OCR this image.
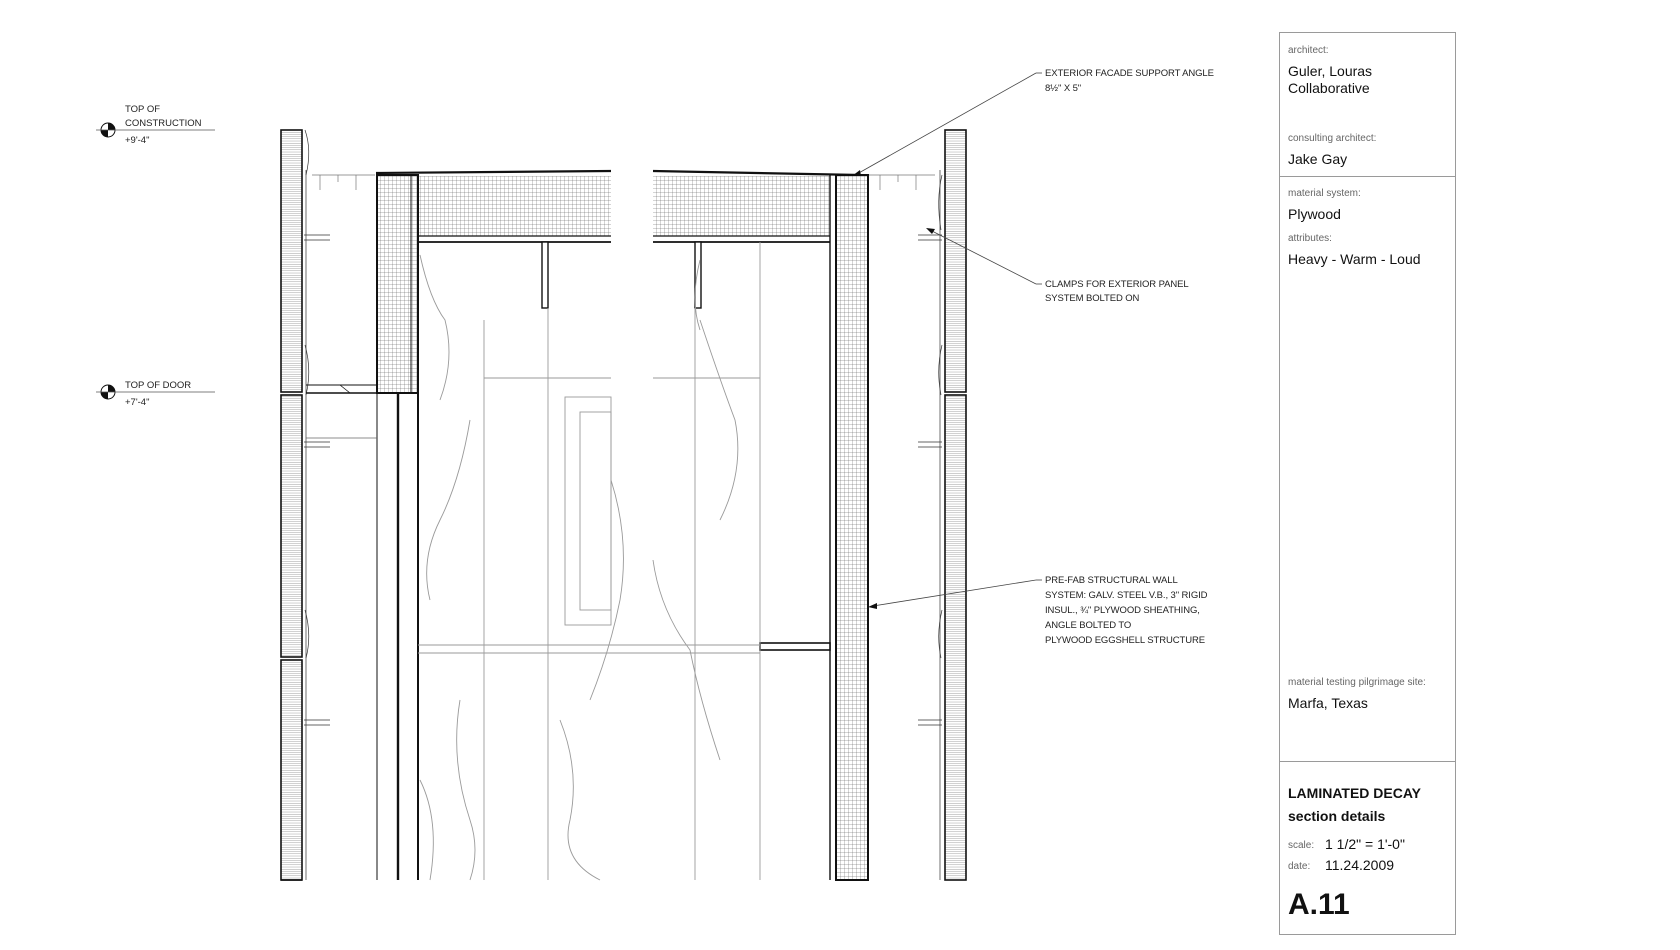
TOP OF
CONSTRUCTION
+9'-4"
TOP OF DOOR
+7'-4"
EXTERIOR FACADE SUPPORT ANGLE
8½" X 5"
CLAMPS FOR EXTERIOR PANEL
SYSTEM BOLTED ON
PRE-FAB STRUCTURAL WALL
SYSTEM: GALV. STEEL V.B., 3" RIGID
INSUL., ¾" PLYWOOD SHEATHING,
ANGLE BOLTED TO
PLYWOOD EGGSHELL STRUCTURE
architect:
Guler, Louras
Collaborative
consulting architect:
Jake Gay
material system:
Plywood
attributes:
Heavy - Warm - Loud
material testing pilgrimage site:
Marfa, Texas
LAMINATED DECAY
section details
scale: 1 1/2" = 1'-0"
date: 11.24.2009
A.11
